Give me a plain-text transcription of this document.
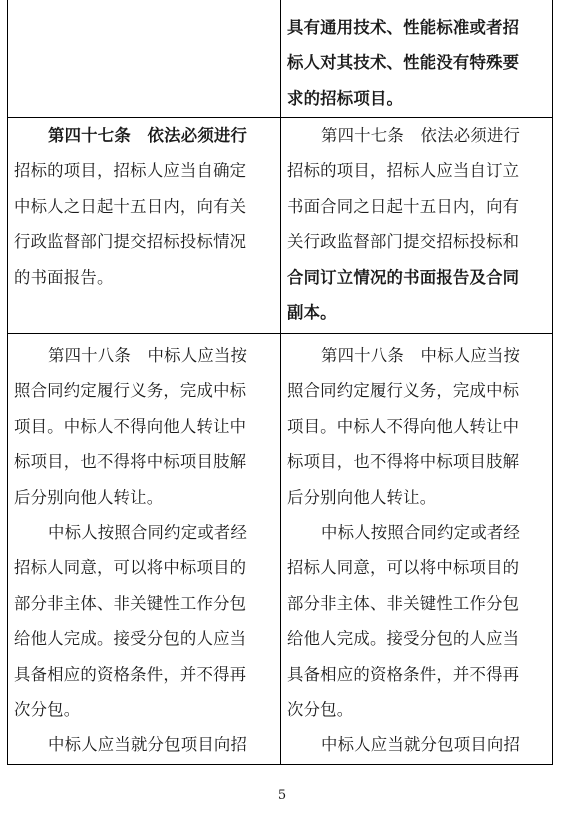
具有通用技术、性能标准或者招
标人对其技术、性能没有特殊要
求的招标项目。
第四十七条　依法必须进行
招标的项目，招标人应当自确定
中标人之日起十五日内，向有关
行政监督部门提交招标投标情况
的书面报告。
第四十七条　依法必须进行
招标的项目，招标人应当自订立
书面合同之日起十五日内，向有
关行政监督部门提交招标投标和
合同订立情况的书面报告及合同
副本。
第四十八条　中标人应当按
照合同约定履行义务，完成中标
项目。中标人不得向他人转让中
标项目，也不得将中标项目肢解
后分别向他人转让。
中标人按照合同约定或者经
招标人同意，可以将中标项目的
部分非主体、非关键性工作分包
给他人完成。接受分包的人应当
具备相应的资格条件，并不得再
次分包。
中标人应当就分包项目向招
第四十八条　中标人应当按
照合同约定履行义务，完成中标
项目。中标人不得向他人转让中
标项目，也不得将中标项目肢解
后分别向他人转让。
中标人按照合同约定或者经
招标人同意，可以将中标项目的
部分非主体、非关键性工作分包
给他人完成。接受分包的人应当
具备相应的资格条件，并不得再
次分包。
中标人应当就分包项目向招
5
